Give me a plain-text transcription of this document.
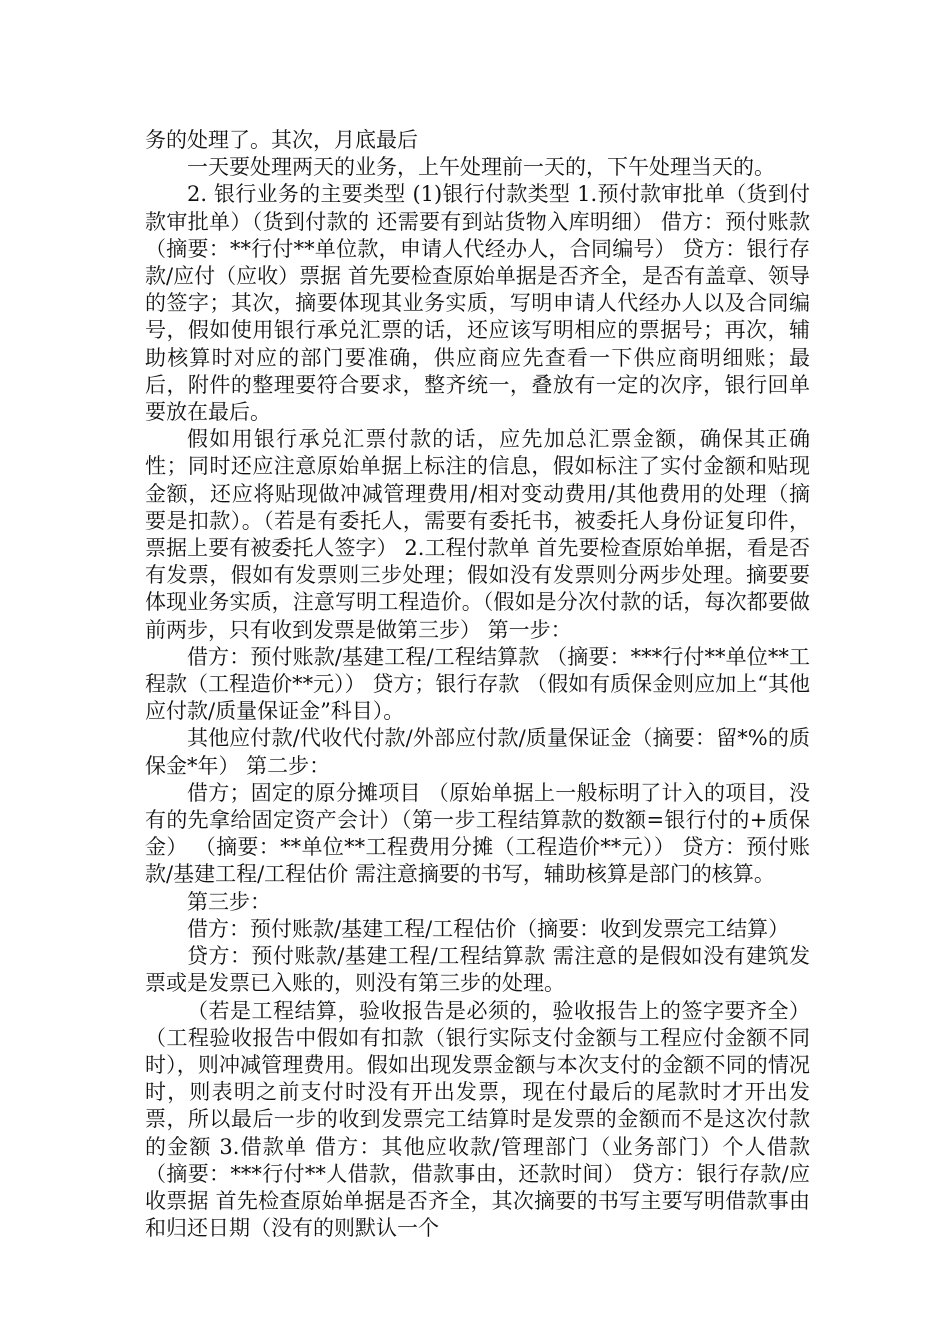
务的处理了。其次，月底最后

一天要处理两天的业务，上午处理前一天的，下午处理当天的。

2. 银行业务的主要类型 (1)银行付款类型 1.预付款审批单（货到付款审批单）（货到付款的 还需要有到站货物入库明细） 借方：预付账款 （摘要：**行付**单位款，申请人代经办人，合同编号） 贷方：银行存款/应付（应收）票据 首先要检查原始单据是否齐全，是否有盖章、领导的签字；其次，摘要体现其业务实质，写明申请人代经办人以及合同编号，假如使用银行承兑汇票的话，还应该写明相应的票据号；再次，辅助核算时对应的部门要准确，供应商应先查看一下供应商明细账；最后，附件的整理要符合要求，整齐统一，叠放有一定的次序，银行回单要放在最后。

假如用银行承兑汇票付款的话，应先加总汇票金额，确保其正确性；同时还应注意原始单据上标注的信息，假如标注了实付金额和贴现金额，还应将贴现做冲减管理费用/相对变动费用/其他费用的处理（摘要是扣款）。（若是有委托人，需要有委托书，被委托人身份证复印件，票据上要有被委托人签字） 2.工程付款单 首先要检查原始单据，看是否有发票，假如有发票则三步处理；假如没有发票则分两步处理。摘要要体现业务实质，注意写明工程造价。（假如是分次付款的话，每次都要做前两步，只有收到发票是做第三步） 第一步：

借方：预付账款/基建工程/工程结算款 （摘要：***行付**单位**工程款（工程造价**元）） 贷方；银行存款 （假如有质保金则应加上“其他应付款/质量保证金”科目）。

其他应付款/代收代付款/外部应付款/质量保证金（摘要：留*%的质保金*年） 第二步：

借方；固定的原分摊项目 （原始单据上一般标明了计入的项目，没有的先拿给固定资产会计）（第一步工程结算款的数额=银行付的+质保金） （摘要：**单位**工程费用分摊（工程造价**元）） 贷方：预付账款/基建工程/工程估价 需注意摘要的书写，辅助核算是部门的核算。

第三步：

借方：预付账款/基建工程/工程估价（摘要：收到发票完工结算）

贷方：预付账款/基建工程/工程结算款 需注意的是假如没有建筑发票或是发票已入账的，则没有第三步的处理。

（若是工程结算，验收报告是必须的，验收报告上的签字要齐全）（工程验收报告中假如有扣款（银行实际支付金额与工程应付金额不同时），则冲减管理费用。假如出现发票金额与本次支付的金额不同的情况时，则表明之前支付时没有开出发票，现在付最后的尾款时才开出发票，所以最后一步的收到发票完工结算时是发票的金额而不是这次付款的金额 3.借款单 借方：其他应收款/管理部门（业务部门）个人借款 （摘要：***行付**人借款，借款事由，还款时间） 贷方：银行存款/应收票据 首先检查原始单据是否齐全，其次摘要的书写主要写明借款事由和归还日期（没有的则默认一个
